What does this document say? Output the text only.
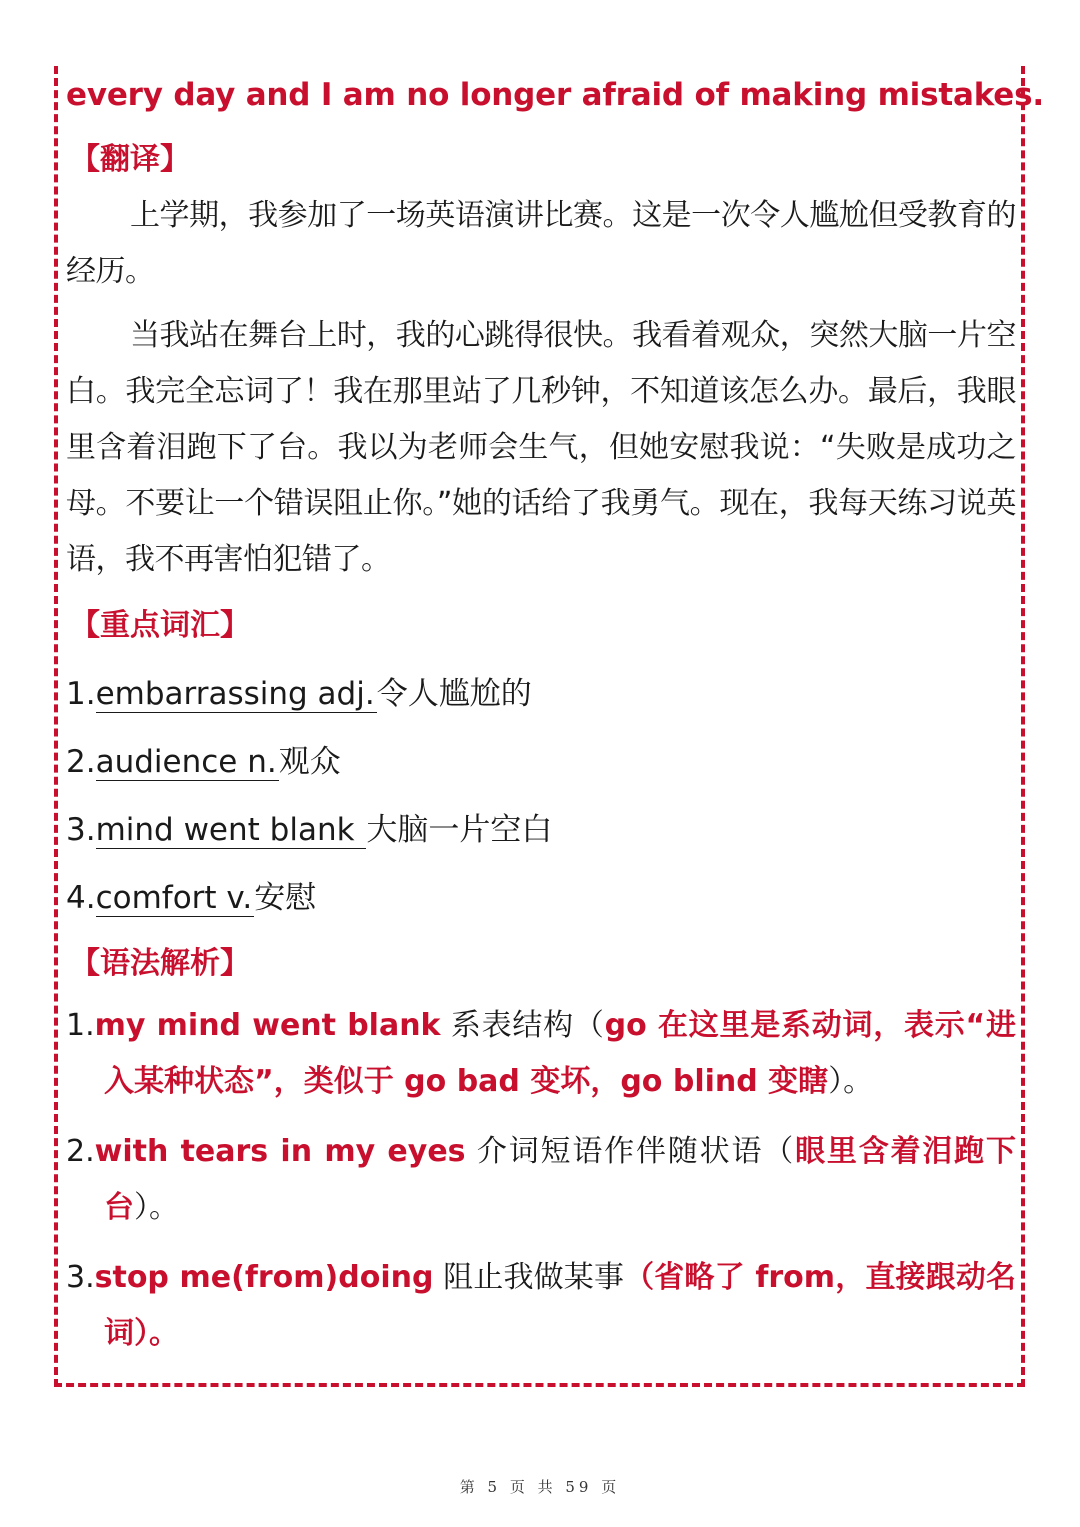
every day and I am no longer afraid of making mistakes.
【翻译】
上学期，我参加了一场英语演讲比赛。这是一次令人尴尬但受教育的经历。
当我站在舞台上时，我的心跳得很快。我看着观众，突然大脑一片空白。我完全忘词了！我在那里站了几秒钟，不知道该怎么办。最后，我眼里含着泪跑下了台。我以为老师会生气，但她安慰我说：“失败是成功之母。不要让一个错误阻止你。”她的话给了我勇气。现在，我每天练习说英语，我不再害怕犯错了。
【重点词汇】
1.embarrassing adj.令人尴尬的
2.audience n.观众
3.mind went blank 大脑一片空白
4.comfort v.安慰
【语法解析】
1.my mind went blank 系表结构（go 在这里是系动词，表示“进入某种状态”，类似于 go bad 变坏，go blind 变瞎）。
2.with tears in my eyes 介词短语作伴随状语（眼里含着泪跑下台）。
3.stop me(from)doing 阻止我做某事（省略了 from，直接跟动名词）。
第 5 页 共 59 页
